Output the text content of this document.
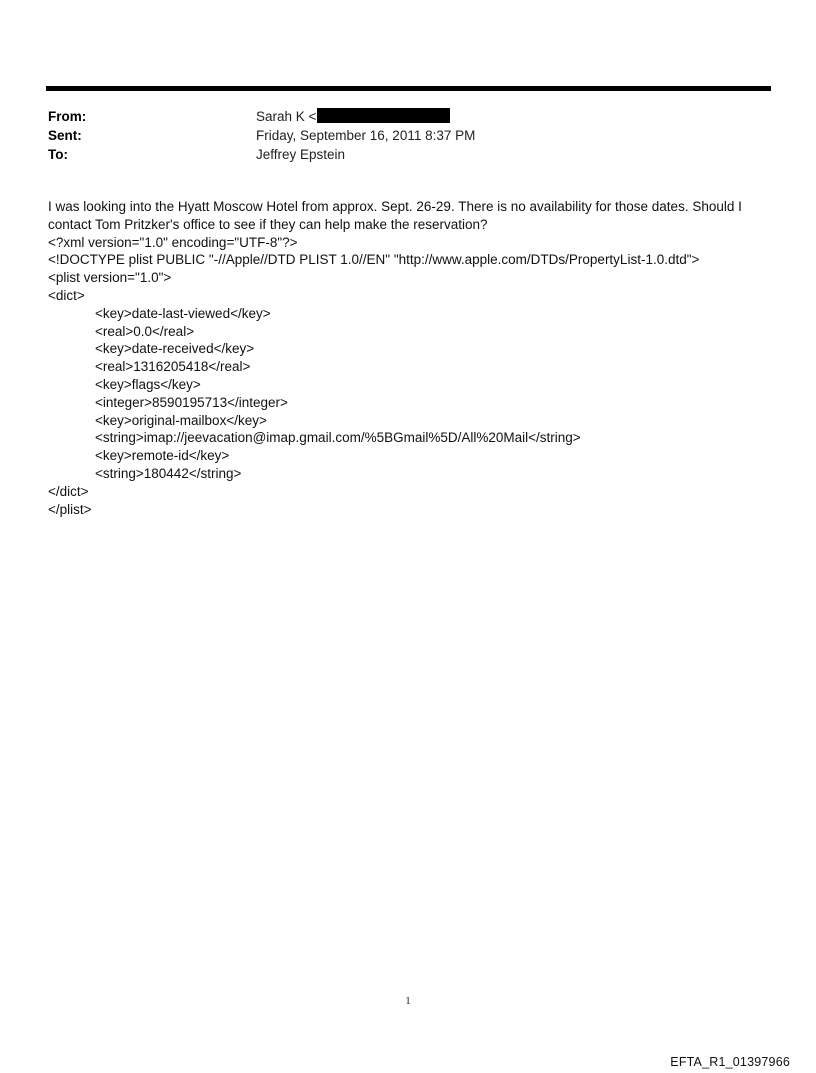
From:	Sarah K <
Sent:	Friday, September 16, 2011 8:37 PM
To:	Jeffrey Epstein
I was looking into the Hyatt Moscow Hotel from approx. Sept. 26-29. There is no availability for those dates. Should I
contact Tom Pritzker's office to see if they can help make the reservation?
<?xml version="1.0" encoding="UTF-8"?>
<!DOCTYPE plist PUBLIC "-//Apple//DTD PLIST 1.0//EN" "http://www.apple.com/DTDs/PropertyList-1.0.dtd">
<plist version="1.0">
<dict>
<key>date-last-viewed</key>
<real>0.0</real>
<key>date-received</key>
<real>1316205418</real>
<key>flags</key>
<integer>8590195713</integer>
<key>original-mailbox</key>
<string>imap://jeevacation@imap.gmail.com/%5BGmail%5D/All%20Mail</string>
<key>remote-id</key>
<string>180442</string>
</dict>
</plist>
1
EFTA_R1_01397966
